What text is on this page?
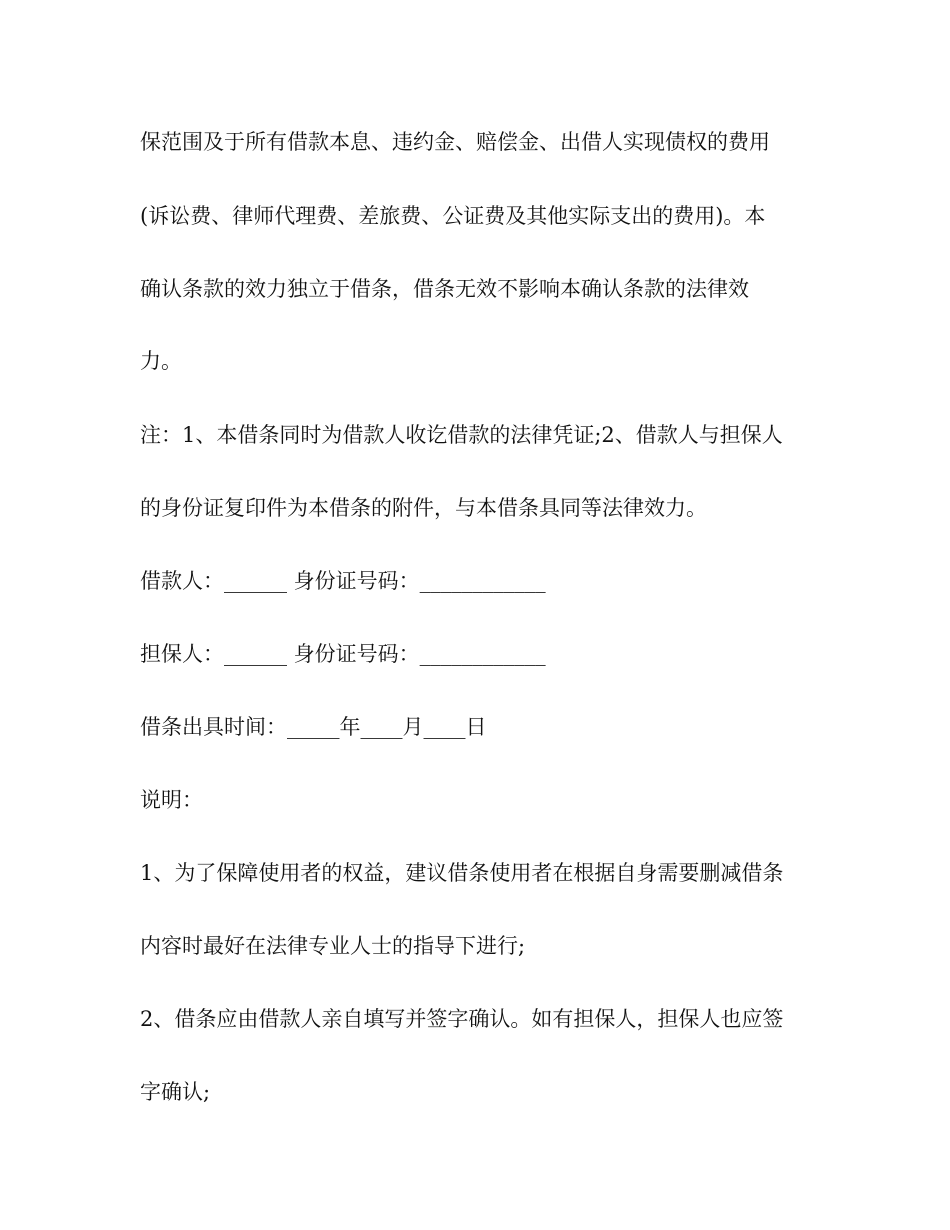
保范围及于所有借款本息、违约金、赔偿金、出借人实现债权的费用
(诉讼费、律师代理费、差旅费、公证费及其他实际支出的费用)。本
确认条款的效力独立于借条，借条无效不影响本确认条款的法律效
力。
注：1、本借条同时为借款人收讫借款的法律凭证;2、借款人与担保人
的身份证复印件为本借条的附件，与本借条具同等法律效力。
借款人：______ 身份证号码：____________
担保人：______ 身份证号码：____________
借条出具时间：_____年____月____日
说明：
1、为了保障使用者的权益，建议借条使用者在根据自身需要删减借条
内容时最好在法律专业人士的指导下进行;
2、借条应由借款人亲自填写并签字确认。如有担保人，担保人也应签
字确认;
